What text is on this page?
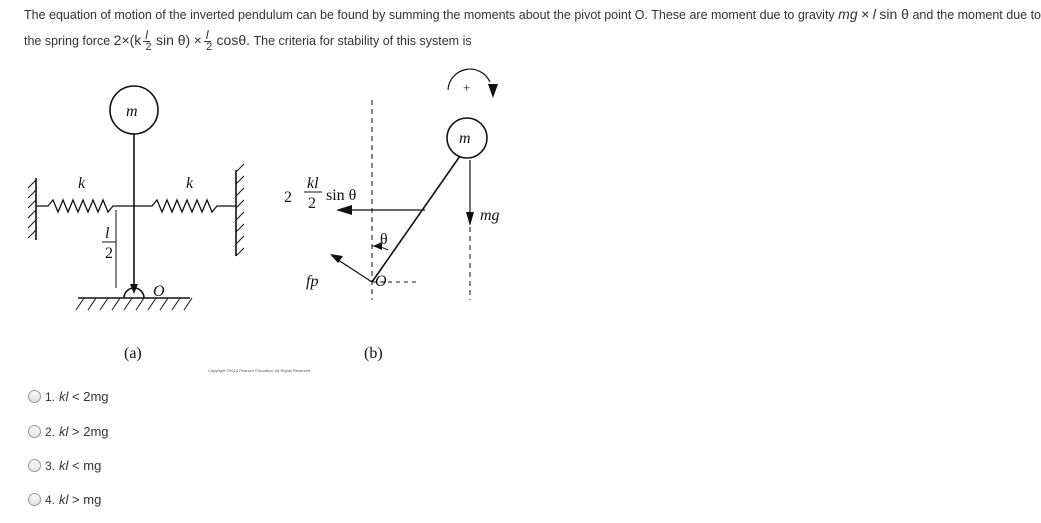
The equation of motion of the inverted pendulum can be found by summing the moments about the pivot point O. These are moment due to gravity mg × l sin θ and the moment due to
the spring force $2\times(k \frac{l}{2}$ $\sin \theta) \times \frac{l}{2} \cos\theta$. The criteria for stability of this system is
m
k	k
l
O
m
mg
fp	O
kl
2
2 2 sin θ
θ
+
(a)	(b)
Copyright ©2014 Pearson Education, All Rights Reserved
1. kl
<
2mg
2. kl
>
2mg
3. kl
<
mg
4. kl
>
mg
